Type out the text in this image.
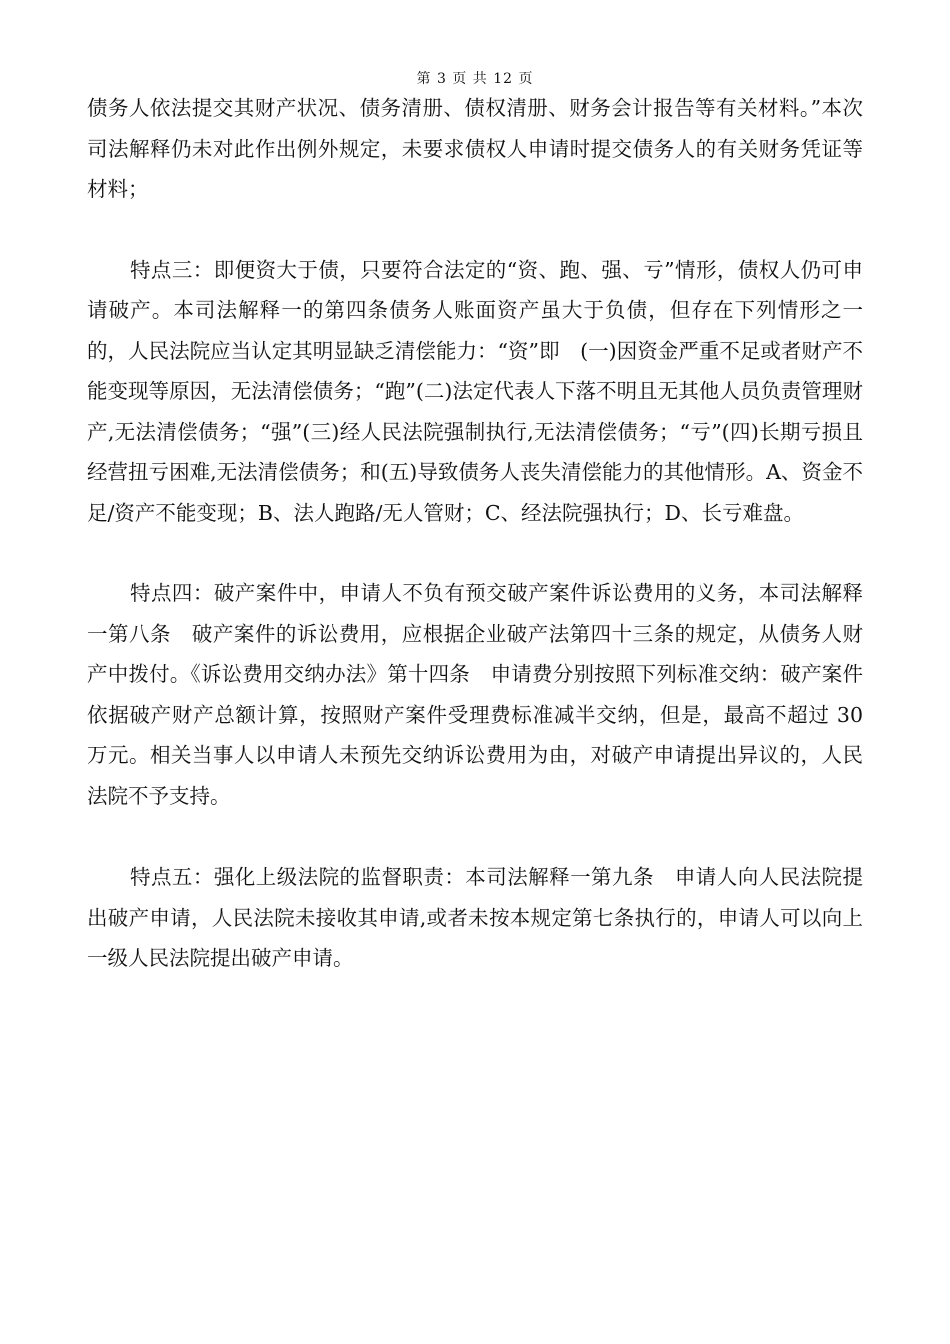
第 3 页 共 12 页

债务人依法提交其财产状况、债务清册、债权清册、财务会计报告等有关材料。”本次司法解释仍未对此作出例外规定，未要求债权人申请时提交债务人的有关财务凭证等材料；

特点三：即便资大于债，只要符合法定的“资、跑、强、亏”情形，债权人仍可申请破产。本司法解释一的第四条债务人账面资产虽大于负债，但存在下列情形之一的，人民法院应当认定其明显缺乏清偿能力：“资”即　(一)因资金严重不足或者财产不能变现等原因，无法清偿债务；“跑”(二)法定代表人下落不明且无其他人员负责管理财产,无法清偿债务；“强”(三)经人民法院强制执行,无法清偿债务；“亏”(四)长期亏损且经营扭亏困难,无法清偿债务；和(五)导致债务人丧失清偿能力的其他情形。A、资金不足/资产不能变现；B、法人跑路/无人管财；C、经法院强执行；D、长亏难盘。

特点四：破产案件中，申请人不负有预交破产案件诉讼费用的义务，本司法解释一第八条　破产案件的诉讼费用，应根据企业破产法第四十三条的规定，从债务人财产中拨付。《诉讼费用交纳办法》第十四条　申请费分别按照下列标准交纳：破产案件依据破产财产总额计算，按照财产案件受理费标准减半交纳，但是，最高不超过 30 万元。相关当事人以申请人未预先交纳诉讼费用为由，对破产申请提出异议的，人民法院不予支持。

特点五：强化上级法院的监督职责：本司法解释一第九条　申请人向人民法院提出破产申请，人民法院未接收其申请,或者未按本规定第七条执行的，申请人可以向上一级人民法院提出破产申请。
